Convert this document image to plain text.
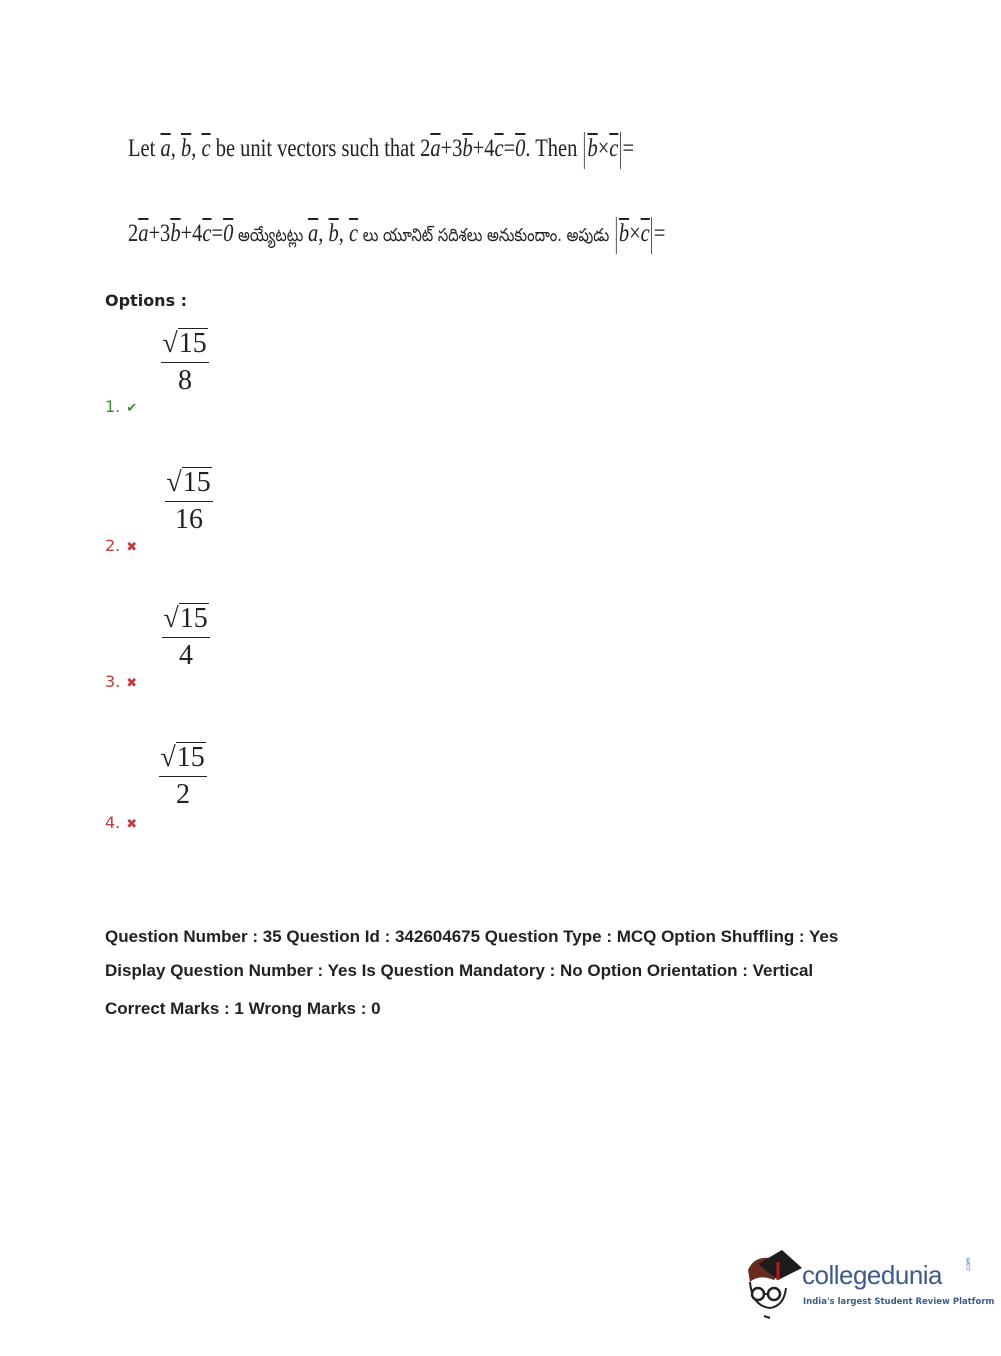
Let $\overline{a}$, $\overline{b}$, $\overline{c}$ be unit vectors such that $2\overline{a}+3\overline{b}+4\overline{c}=0$. Then $\overline{b}\times\overline{c}$ =
$2\overline{a}+3\overline{b}+4\overline{c}=0$ అయ్యేటట్లు $\overline{a}$, $\overline{b}$, $\overline{c}$ లు యూనిట్ సదిశలు అనుకుందాం. అపుడు $\overline{b}\times\overline{c}$ =
Options :
$\frac{√15}{8}$
1. ✔
$\frac{√15}{16}$
2. ✖
$\frac{√15}{4}$
3. ✖
$\frac{√15}{2}$
4. ✖
Question Number : 35 Question Id : 342604675 Question Type : MCQ Option Shuffling : Yes
Display Question Number : Yes Is Question Mandatory : No Option Orientation : Vertical
Correct Marks : 1 Wrong Marks : 0
collegedunia	.com
India's largest Student Review Platform
